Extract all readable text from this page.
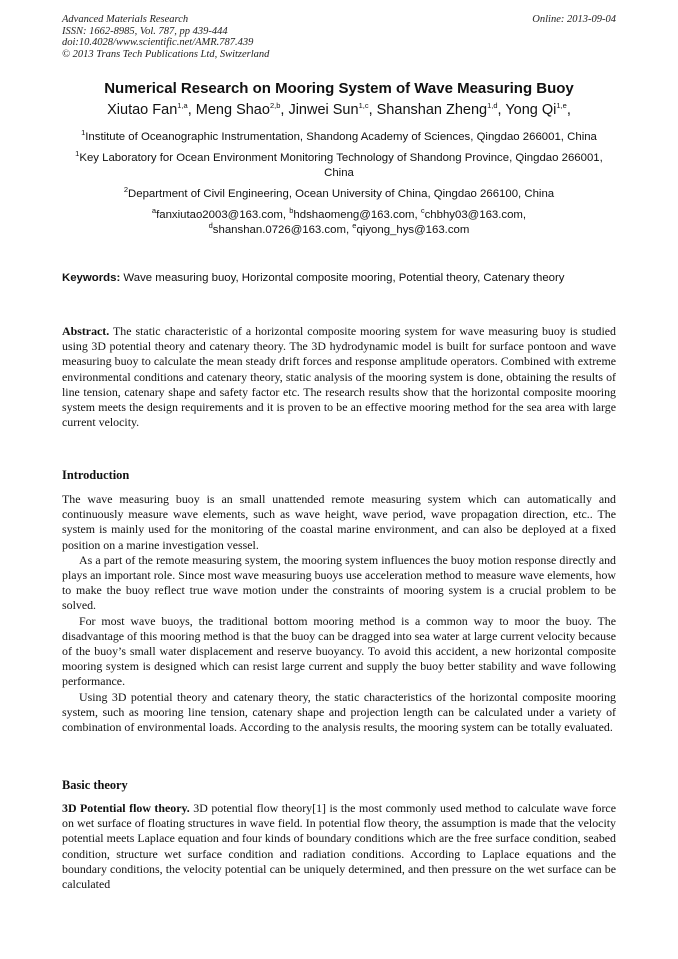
Advanced Materials Research
ISSN: 1662-8985, Vol. 787, pp 439-444
doi:10.4028/www.scientific.net/AMR.787.439
© 2013 Trans Tech Publications Ltd, Switzerland
Online: 2013-09-04
Numerical Research on Mooring System of Wave Measuring Buoy
Xiutao Fan$^{1,a}$, Meng Shao$^{2,b}$, Jinwei Sun$^{1,c}$, Shanshan Zheng$^{1,d}$, Yong Qi$^{1,e}$,
$^1$Institute of Oceanographic Instrumentation, Shandong Academy of Sciences, Qingdao 266001, China
$^1$Key Laboratory for Ocean Environment Monitoring Technology of Shandong Province, Qingdao 266001, China
$^2$Department of Civil Engineering, Ocean University of China, Qingdao 266100, China
$^a$fanxiutao2003@163.com, $^b$hdshaomeng@163.com, $^c$chbhy03@163.com,
$^d$shanshan.0726@163.com, $^e$qiyong_hys@163.com
Keywords: Wave measuring buoy, Horizontal composite mooring, Potential theory, Catenary theory
Abstract. The static characteristic of a horizontal composite mooring system for wave measuring buoy is studied using 3D potential theory and catenary theory. The 3D hydrodynamic model is built for surface pontoon and wave measuring buoy to calculate the mean steady drift forces and response amplitude operators. Combined with extreme environmental conditions and catenary theory, static analysis of the mooring system is done, obtaining the results of line tension, catenary shape and safety factor etc. The research results show that the horizontal composite mooring system meets the design requirements and it is proven to be an effective mooring method for the sea area with large current velocity.
Introduction

The wave measuring buoy is an small unattended remote measuring system which can automatically and continuously measure wave elements, such as wave height, wave period, wave propagation direction, etc.. The system is mainly used for the monitoring of the coastal marine environment, and can also be deployed at a fixed position on a marine investigation vessel.

As a part of the remote measuring system, the mooring system influences the buoy motion response directly and plays an important role. Since most wave measuring buoys use acceleration method to measure wave elements, how to make the buoy reflect true wave motion under the constraints of mooring system is a crucial problem to be solved.

For most wave buoys, the traditional bottom mooring method is a common way to moor the buoy. The disadvantage of this mooring method is that the buoy can be dragged into sea water at large current velocity because of the buoy’s small water displacement and reserve buoyancy. To avoid this accident, a new horizontal composite mooring system is designed which can resist large current and supply the buoy better stability and wave following performance.

Using 3D potential theory and catenary theory, the static characteristics of the horizontal composite mooring system, such as mooring line tension, catenary shape and projection length can be calculated under a variety of combination of environmental loads. According to the analysis results, the mooring system can be totally evaluated.

Basic theory
3D Potential flow theory. 3D potential flow theory[1] is the most commonly used method to calculate wave force on wet surface of floating structures in wave field. In potential flow theory, the assumption is made that the velocity potential meets Laplace equation and four kinds of boundary conditions which are the free surface condition, seabed condition, structure wet surface condition and radiation conditions. According to Laplace equations and the boundary conditions, the velocity potential can be uniquely determined, and then pressure on the wet surface can be calculated
